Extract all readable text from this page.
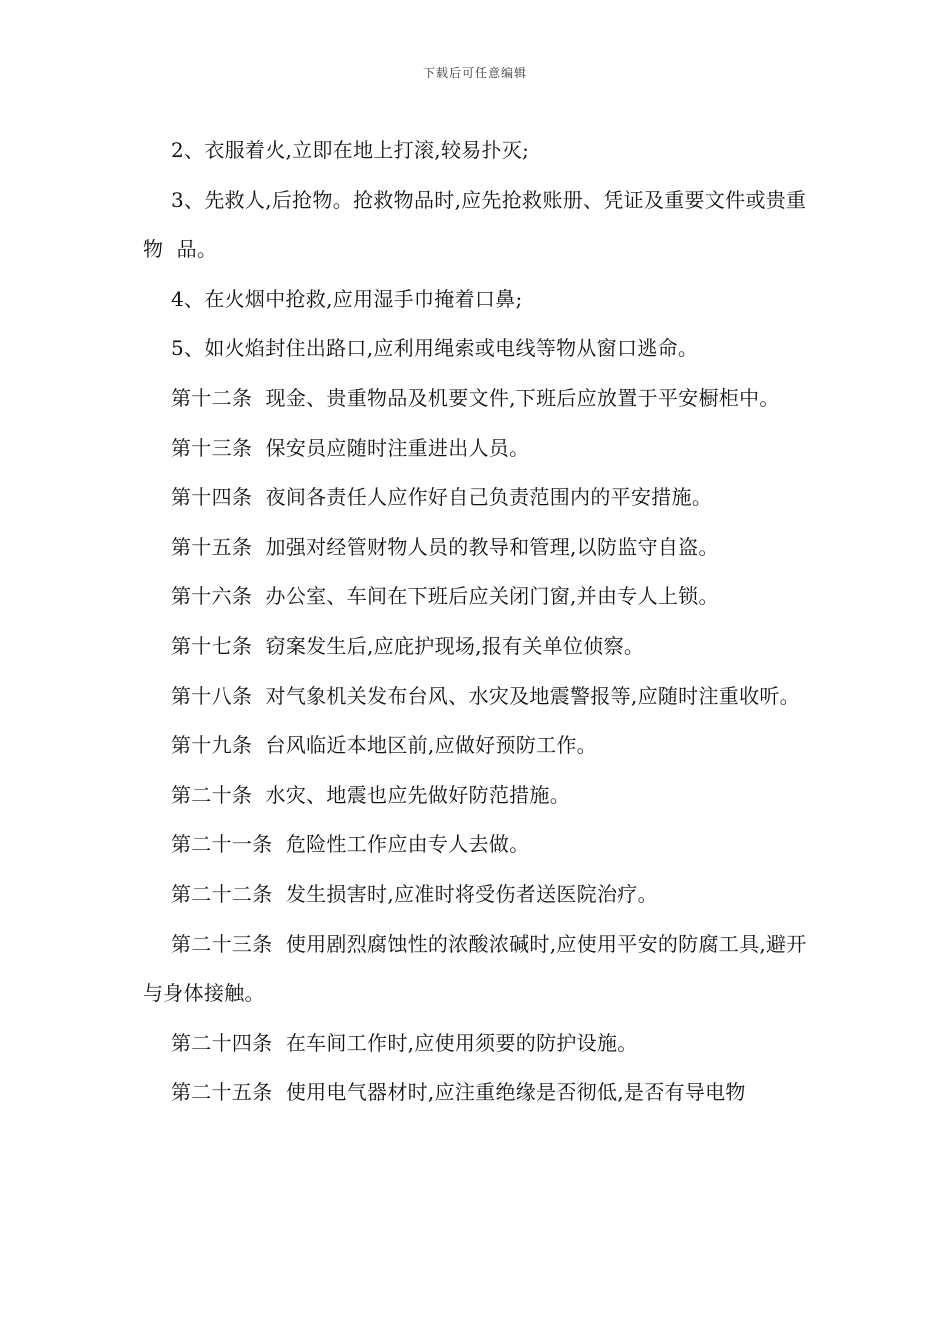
下载后可任意编辑

2、衣服着火,立即在地上打滚,较易扑灭;

3、先救人,后抢物。抢救物品时,应先抢救账册、凭证及重要文件或贵重物  品。

4、在火烟中抢救,应用湿手巾掩着口鼻;

5、如火焰封住出路口,应利用绳索或电线等物从窗口逃命。

第十二条  现金、贵重物品及机要文件,下班后应放置于平安橱柜中。

第十三条  保安员应随时注重进出人员。

第十四条  夜间各责任人应作好自己负责范围内的平安措施。

第十五条  加强对经管财物人员的教导和管理,以防监守自盗。

第十六条  办公室、车间在下班后应关闭门窗,并由专人上锁。

第十七条  窃案发生后,应庇护现场,报有关单位侦察。

第十八条  对气象机关发布台风、水灾及地震警报等,应随时注重收听。

第十九条  台风临近本地区前,应做好预防工作。

第二十条  水灾、地震也应先做好防范措施。

第二十一条  危险性工作应由专人去做。

第二十二条  发生损害时,应准时将受伤者送医院治疗。

第二十三条  使用剧烈腐蚀性的浓酸浓碱时,应使用平安的防腐工具,避开与身体接触。

第二十四条  在车间工作时,应使用须要的防护设施。

第二十五条  使用电气器材时,应注重绝缘是否彻低,是否有导电物
